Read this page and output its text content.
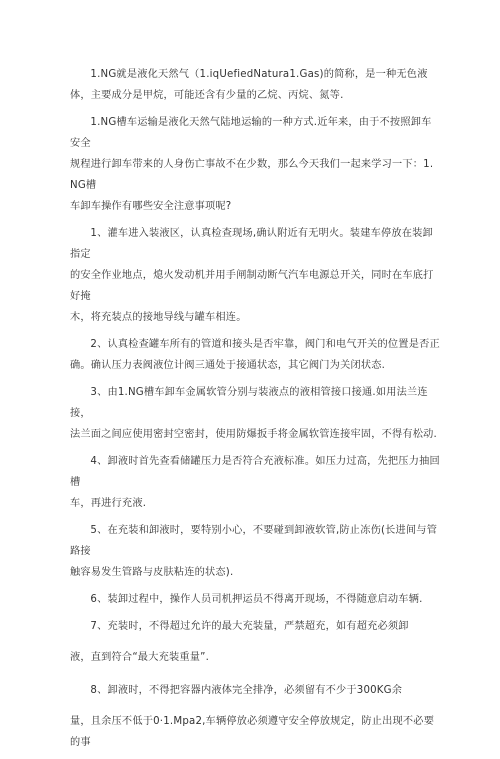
1.NG就是液化天然气（1.iqUefiedNatura1.Gas)的简称，是一种无色液
体，主要成分是甲烷，可能还含有少量的乙烷、丙烷、氮等.

1.NG槽车运输是液化天然气陆地运输的一种方式.近年来，由于不按照卸车安全
规程进行卸车带来的人身伤亡事故不在少数，那么今天我们一起来学习一下：1.NG槽
车卸车操作有哪些安全注意事项呢?

1、灌车进入装液区，认真检查现场,确认附近有无明火。装建车停放在装卸指定
的安全作业地点，熄火发动机并用手闸制动断气汽车电源总开关，同时在车底打好掩
木，将充装点的接地导线与罐车相连。

2、认真检查罐车所有的管道和接头是否牢靠，阀门和电气开关的位置是否正
确。确认压力表阀液位计阀三通处于接通状态，其它阀门为关闭状态.

3、由1.NG槽车卸车金属软管分别与装液点的液相管接口接通.如用法兰连接，
法兰面之间应使用密封空密封，使用防爆扳手将金属软管连接牢固，不得有松动.

4、卸液时首先查看储罐压力是否符合充液标准。如压力过高，先把压力抽回槽
车，再进行充液.

5、在充装和卸液时，要特别小心，不要碰到卸液软管,防止冻伤(长进间与管路接
触容易发生管路与皮肤粘连的状态).

6、装卸过程中，操作人员司机押运员不得离开现场，不得随意启动车辆.

7、充装时，不得超过允许的最大充装量，严禁超充，如有超充必须卸
液，直到符合“最大充装重量”.

8、卸液时，不得把容器内液体完全排净，必须留有不少于300KG余
量，且余压不低于0·1.Mpa2,车辆停放必须遵守安全停放规定，防止出现不必要的事
